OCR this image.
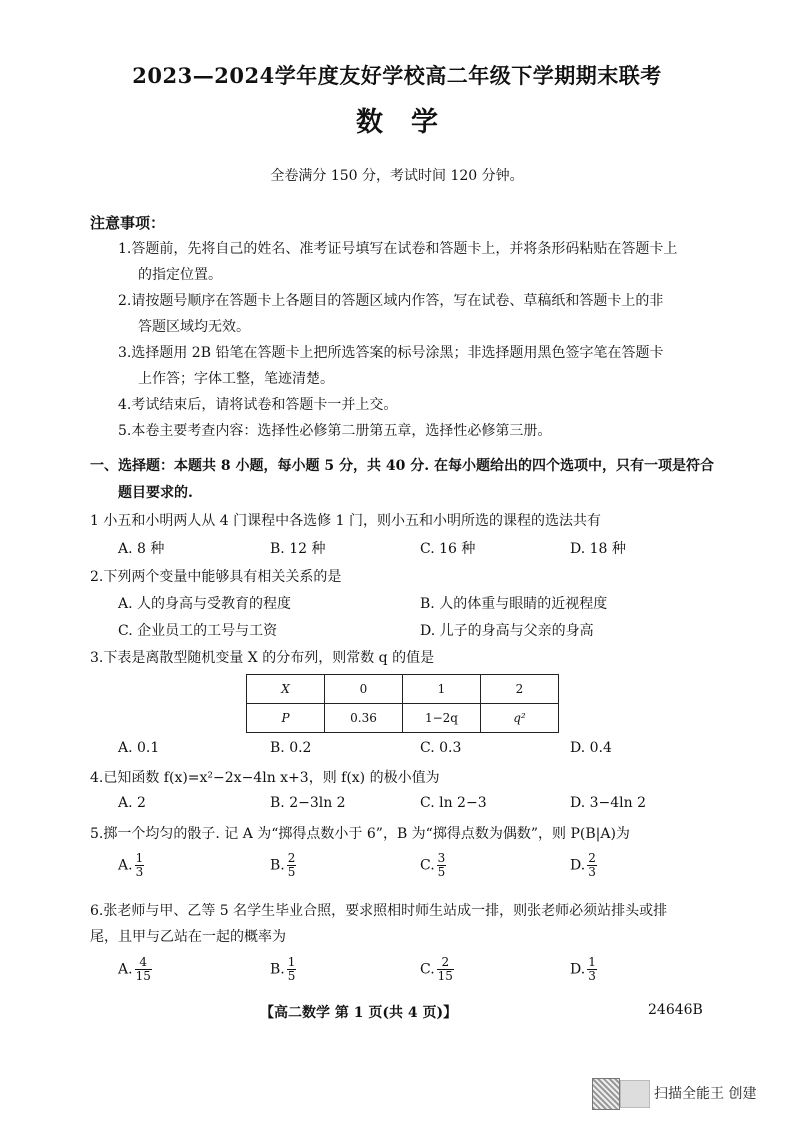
2023—2024学年度友好学校高二年级下学期期末联考
数学
全卷满分 150 分，考试时间 120 分钟。
注意事项：
1.答题前，先将自己的姓名、准考证号填写在试卷和答题卡上，并将条形码粘贴在答题卡上
的指定位置。
2.请按题号顺序在答题卡上各题目的答题区域内作答，写在试卷、草稿纸和答题卡上的非
答题区域均无效。
3.选择题用 2B 铅笔在答题卡上把所选答案的标号涂黑；非选择题用黑色签字笔在答题卡
上作答；字体工整，笔迹清楚。
4.考试结束后，请将试卷和答题卡一并上交。
5.本卷主要考查内容：选择性必修第二册第五章，选择性必修第三册。
一、选择题：本题共 8 小题，每小题 5 分，共 40 分. 在每小题给出的四个选项中，只有一项是符合
题目要求的.
1 小五和小明两人从 4 门课程中各选修 1 门，则小五和小明所选的课程的选法共有
A. 8 种	B. 12 种	C. 16 种	D. 18 种
2.下列两个变量中能够具有相关关系的是
A. 人的身高与受教育的程度	B. 人的体重与眼睛的近视程度
C. 企业员工的工号与工资	D. 儿子的身高与父亲的身高
3.下表是离散型随机变量 X 的分布列，则常数 q 的值是
X	0	1	2
P	0.36	1−2q	q²
A. 0.1	B. 0.2	C. 0.3	D. 0.4
4.已知函数 f(x)=x²−2x−4ln x+3，则 f(x) 的极小值为
A. 2	B. 2−3ln 2	C. ln 2−3	D. 3−4ln 2
5.掷一个均匀的骰子. 记 A 为“掷得点数小于 6”，B 为“掷得点数为偶数”，则 P(B|A)为
A. $\frac{1}{3}$	B. $\frac{2}{5}$	C. $\frac{3}{5}$	D. $\frac{2}{3}$
6.张老师与甲、乙等 5 名学生毕业合照，要求照相时师生站成一排，则张老师必须站排头或排
尾，且甲与乙站在一起的概率为
A. $\frac{4}{15}$	B. $\frac{1}{5}$	C. $\frac{2}{15}$	D. $\frac{1}{3}$
【高二数学 第 1 页(共 4 页)】	24646B
扫描全能王 创建
